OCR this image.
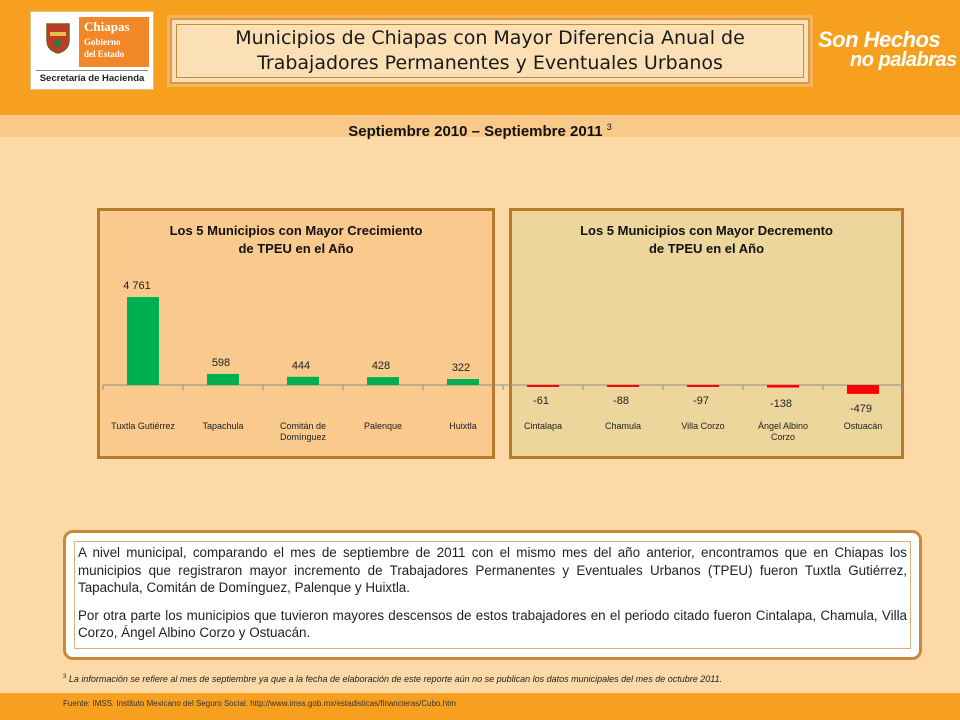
Chiapas
Gobierno
del Estado
Secretaría de Hacienda
Municipios de Chiapas con Mayor Diferencia Anual de
Trabajadores Permanentes y Eventuales Urbanos
Son Hechos
no palabras
Septiembre 2010 – Septiembre 2011 $^3$
Los 5 Municipios con Mayor Crecimiento
de TPEU en el Año
Los 5 Municipios con Mayor Decremento
de TPEU en el Año
4 761
Tuxtla Gutiérrez
598
Tapachula
444
Comitán de
Domínguez
428
Palenque
322
Huixtla
-61
Cintalapa
-88
Chamula
-97
Villa Corzo
-138
Ángel Albino
Corzo
-479
Ostuacán

A nivel municipal, comparando el mes de septiembre de 2011 con el mismo mes del año anterior, encontramos que en Chiapas los municipios que registraron mayor incremento de Trabajadores Permanentes y Eventuales Urbanos (TPEU) fueron Tuxtla Gutiérrez, Tapachula, Comitán de Domínguez, Palenque y Huixtla.

Por otra parte los municipios que tuvieron mayores descensos de estos trabajadores en el periodo citado fueron Cintalapa, Chamula, Villa Corzo, Ángel Albino Corzo y Ostuacán.

$^3$ La información se refiere al mes de septiembre ya que a la fecha de elaboración de este reporte aún no se publican los datos municipales del mes de octubre 2011.
Fuente: IMSS. Instituto Mexicano del Seguro Social. http://www.imss.gob.mx/estadisticas/financieras/Cubo.htm
